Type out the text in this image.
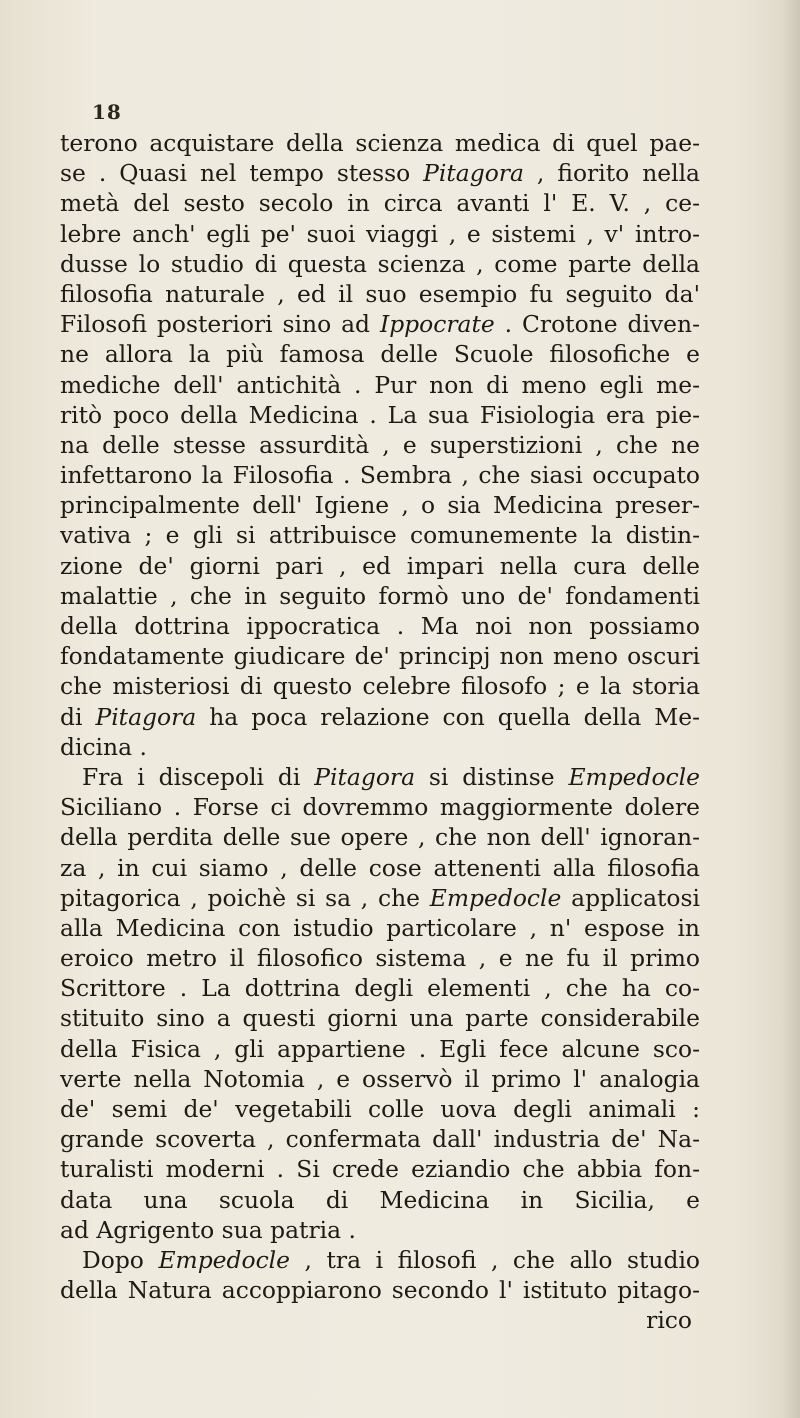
18
terono acquistare della scienza medica di quel pae-
se . Quasi nel tempo stesso Pitagora , fiorito nella
metà del sesto secolo in circa avanti l' E. V. , ce-
lebre anch' egli pe' suoi viaggi , e sistemi , v' intro-
dusse lo studio di questa scienza , come parte della
filosofia naturale , ed il suo esempio fu seguito da'
Filosofi posteriori sino ad Ippocrate . Crotone diven-
ne allora la più famosa delle Scuole filosofiche e
mediche dell' antichità . Pur non di meno egli me-
ritò poco della Medicina . La sua Fisiologia era pie-
na delle stesse assurdità , e superstizioni , che ne
infettarono la Filosofia . Sembra , che siasi occupato
principalmente dell' Igiene , o sia Medicina preser-
vativa ; e gli si attribuisce comunemente la distin-
zione de' giorni pari , ed impari nella cura delle
malattie , che in seguito formò uno de' fondamenti
della dottrina ippocratica . Ma noi non possiamo
fondatamente giudicare de' principj non meno oscuri
che misteriosi di questo celebre filosofo ; e la storia
di Pitagora ha poca relazione con quella della Me-
dicina .
Fra i discepoli di Pitagora si distinse Empedocle
Siciliano . Forse ci dovremmo maggiormente dolere
della perdita delle sue opere , che non dell' ignoran-
za , in cui siamo , delle cose attenenti alla filosofia
pitagorica , poichè si sa , che Empedocle applicatosi
alla Medicina con istudio particolare , n' espose in
eroico metro il filosofico sistema , e ne fu il primo
Scrittore . La dottrina degli elementi , che ha co-
stituito sino a questi giorni una parte considerabile
della Fisica , gli appartiene . Egli fece alcune sco-
verte nella Notomia , e osservò il primo l' analogia
de' semi de' vegetabili colle uova degli animali :
grande scoverta , confermata dall' industria de' Na-
turalisti moderni . Si crede eziandio che abbia fon-
data una scuola di Medicina in Sicilia, e
ad Agrigento sua patria .
Dopo Empedocle , tra i filosofi , che allo studio
della Natura accoppiarono secondo l' istituto pitago-
rico
